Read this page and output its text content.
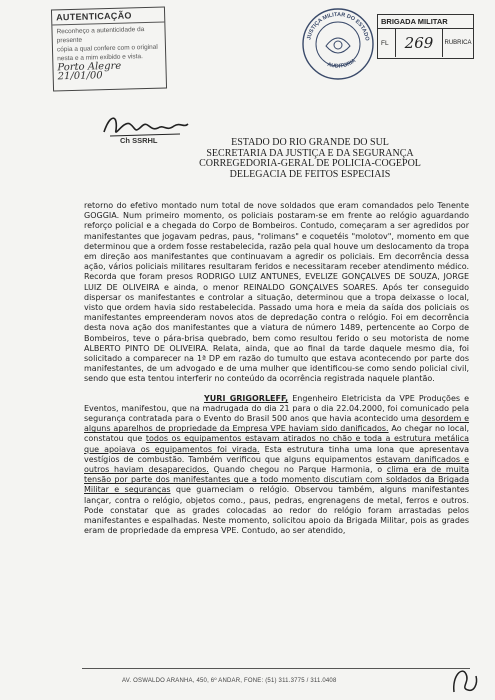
AUTENTICAÇÃO
Reconheço a autenticidade da presente
cópia a qual confere com o original
nesta e a mim exibido e vista.
Porto Alegre 21/01/00
Ch SSRHL
JUSTIÇA MILITAR DO ESTADO
AUDITORIA
BRIGADA MILITAR
FL	269	RUBRICA
ESTADO DO RIO GRANDE DO SUL
SECRETARIA DA JUSTIÇA E DA SEGURANÇA
CORREGEDORIA-GERAL DE POLICIA-COGEPOL
DELEGACIA DE FEITOS ESPECIAIS

retorno do efetivo montado num total de nove soldados que eram comandados pelo Tenente GOGGIA. Num primeiro momento, os policiais postaram-se em frente ao relógio aguardando reforço policial e a chegada do Corpo de Bombeiros. Contudo, começaram a ser agredidos por manifestantes que jogavam pedras, paus, "rolimans" e coquetéis "molotov", momento em que determinou que a ordem fosse restabelecida, razão pela qual houve um deslocamento da tropa em direção aos manifestantes que continuavam a agredir os policiais. Em decorrência dessa ação, vários policiais militares resultaram feridos e necessitaram receber atendimento médico. Recorda que foram presos RODRIGO LUIZ ANTUNES, EVELIZE GONÇALVES DE SOUZA, JORGE LUIZ DE OLIVEIRA e ainda, o menor REINALDO GONÇALVES SOARES. Após ter conseguido dispersar os manifestantes e controlar a situação, determinou que a tropa deixasse o local, visto que ordem havia sido restabelecida. Passado uma hora e meia da saída dos policiais os manifestantes empreenderam novos atos de depredação contra o relógio. Foi em decorrência desta nova ação dos manifestantes que a viatura de número 1489, pertencente ao Corpo de Bombeiros, teve o pára-brisa quebrado, bem como resultou ferido o seu motorista de nome ALBERTO PINTO DE OLIVEIRA. Relata, ainda, que ao final da tarde daquele mesmo dia, foi solicitado a comparecer na 1ª DP em razão do tumulto que estava acontecendo por parte dos manifestantes, de um advogado e de uma mulher que identificou-se como sendo policial civil, sendo que esta tentou interferir no conteúdo da ocorrência registrada naquele plantão.

YURI GRIGORLEFF, Engenheiro Eletricista da VPE Produções e Eventos, manifestou, que na madrugada do dia 21 para o dia 22.04.2000, foi comunicado pela segurança contratada para o Evento do Brasil 500 anos que havia acontecido uma desordem e alguns aparelhos de propriedade da Empresa VPE haviam sido danificados. Ao chegar no local, constatou que todos os equipamentos estavam atirados no chão e toda a estrutura metálica que apoiava os equipamentos foi virada. Esta estrutura tinha uma lona que apresentava vestígios de combustão. Também verificou que alguns equipamentos estavam danificados e outros haviam desaparecidos. Quando chegou no Parque Harmonia, o clima era de muita tensão por parte dos manifestantes que a todo momento discutiam com soldados da Brigada Militar e seguranças que guarneciam o relógio. Observou também, alguns manifestantes lançar, contra o relógio, objetos como., paus, pedras, engrenagens de metal, ferros e outros. Pode constatar que as grades colocadas ao redor do relógio foram arrastadas pelos manifestantes e espalhadas. Neste momento, solicitou apoio da Brigada Militar, pois as grades eram de propriedade da empresa VPE. Contudo, ao ser atendido,

AV. OSWALDO ARANHA, 450, 6º ANDAR, FONE: (51) 311.3775 / 311.0408
